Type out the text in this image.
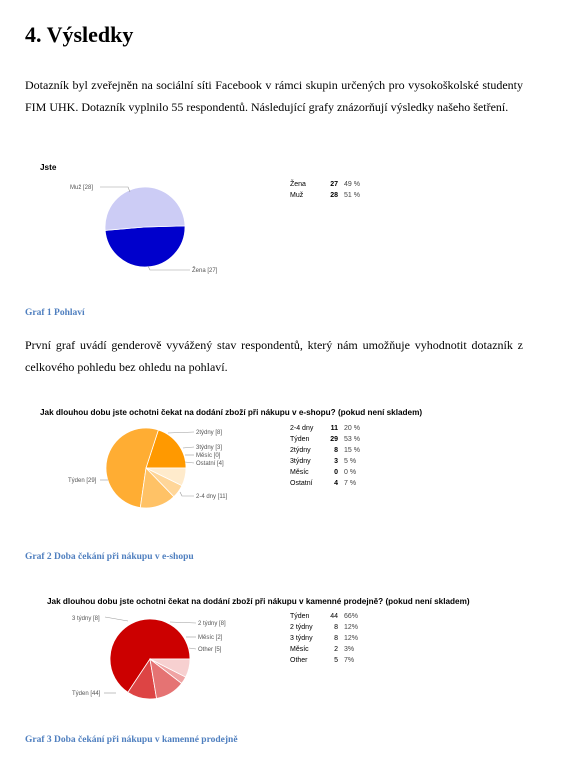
4. Výsledky

Dotazník byl zveřejněn na sociální síti Facebook v rámci skupin určených pro vysokoškolské studenty FIM UHK. Dotazník vyplnilo 55 respondentů. Následující grafy znázorňují výsledky našeho šetření.

Jste
Muž [28]
Žena [27]
Žena	27	49 %
Muž	28	51 %

Graf 1 Pohlaví

První graf uvádí genderově vyvážený stav respondentů, který nám umožňuje vyhodnotit dotazník z celkového pohledu bez ohledu na pohlaví.

Jak dlouhou dobu jste ochotni čekat na dodání zboží při nákupu v e-shopu? (pokud není skladem)
2týdny [8]
3týdny [3]
Měsíc [0]
Ostatní [4]
Týden [29]
2-4 dny [11]
2-4 dny	11	20 %
Týden	29	53 %
2týdny	8	15 %
3týdny	3	5 %
Měsíc	0	0 %
Ostatní	4	7 %

Graf 2 Doba čekání při nákupu v e-shopu

Jak dlouhou dobu jste ochotni čekat na dodání zboží při nákupu v kamenné prodejně? (pokud není skladem)
3 týdny [8]
2 týdny [8]
Měsíc [2]
Other [5]
Týden [44]
Týden	44	66%
2 týdny	8	12%
3 týdny	8	12%
Měsíc	2	3%
Other	5	7%

Graf 3 Doba čekání při nákupu v kamenné prodejně
